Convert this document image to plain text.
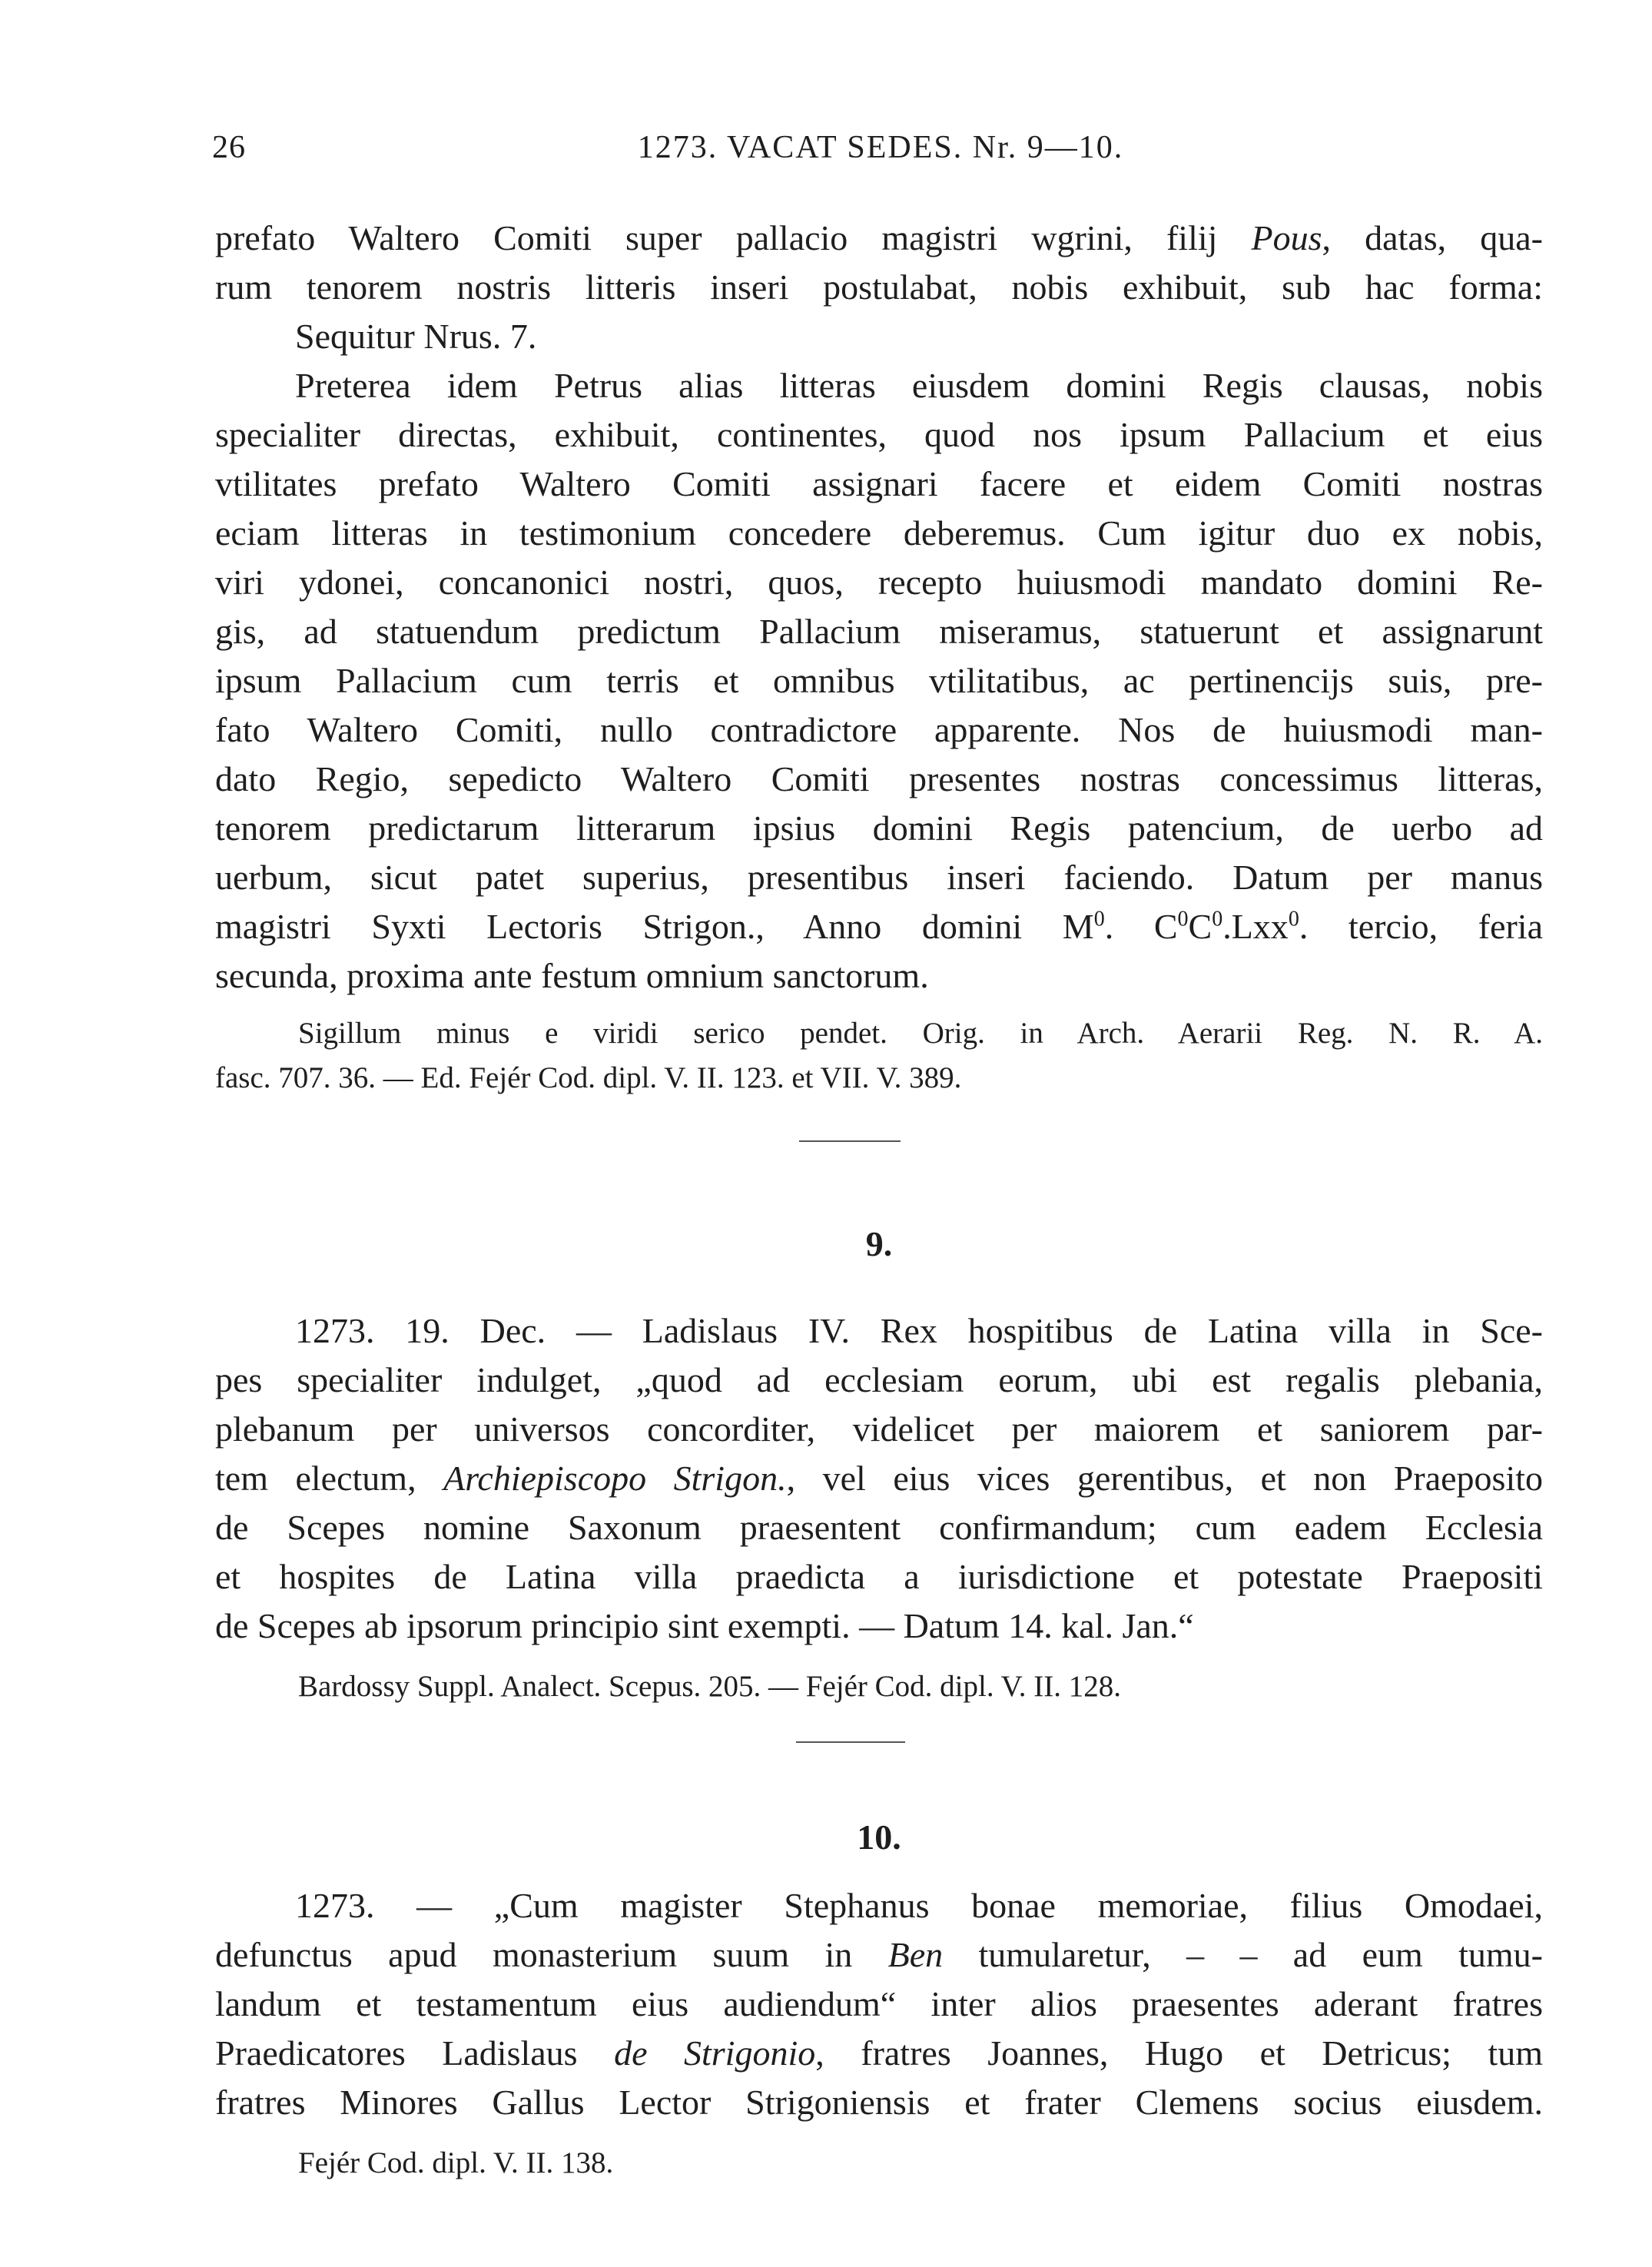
26	1273. VACAT SEDES. Nr. 9—10.
prefato Waltero Comiti super pallacio magistri wgrini, filij Pous, datas, qua-
rum tenorem nostris litteris inseri postulabat, nobis exhibuit, sub hac forma:
Sequitur Nrus. 7.
Preterea idem Petrus alias litteras eiusdem domini Regis clausas, nobis
specialiter directas, exhibuit, continentes, quod nos ipsum Pallacium et eius
vtilitates prefato Waltero Comiti assignari facere et eidem Comiti nostras
eciam litteras in testimonium concedere deberemus. Cum igitur duo ex nobis,
viri ydonei, concanonici nostri, quos, recepto huiusmodi mandato domini Re-
gis, ad statuendum predictum Pallacium miseramus, statuerunt et assignarunt
ipsum Pallacium cum terris et omnibus vtilitatibus, ac pertinencijs suis, pre-
fato Waltero Comiti, nullo contradictore apparente. Nos de huiusmodi man-
dato Regio, sepedicto Waltero Comiti presentes nostras concessimus litteras,
tenorem predictarum litterarum ipsius domini Regis patencium, de uerbo ad
uerbum, sicut patet superius, presentibus inseri faciendo. Datum per manus
magistri Syxti Lectoris Strigon., Anno domini $M^0$. $C^0C^0.Lxx^0$. tercio, feria
secunda, proxima ante festum omnium sanctorum.
Sigillum minus e viridi serico pendet. Orig. in Arch. Aerarii Reg. N. R. A.
fasc. 707. 36. — Ed. Fejér Cod. dipl. V. II. 123. et VII. V. 389.
9.
1273. 19. Dec. — Ladislaus IV. Rex hospitibus de Latina villa in Sce-
pes specialiter indulget, „quod ad ecclesiam eorum, ubi est regalis plebania,
plebanum per universos concorditer, videlicet per maiorem et saniorem par-
tem electum, Archiepiscopo Strigon., vel eius vices gerentibus, et non Praeposito
de Scepes nomine Saxonum praesentent confirmandum; cum eadem Ecclesia
et hospites de Latina villa praedicta a iurisdictione et potestate Praepositi
de Scepes ab ipsorum principio sint exempti. — Datum 14. kal. Jan.“
Bardossy Suppl. Analect. Scepus. 205. — Fejér Cod. dipl. V. II. 128.
10.
1273. — „Cum magister Stephanus bonae memoriae, filius Omodaei,
defunctus apud monasterium suum in Ben tumularetur, – – ad eum tumu-
landum et testamentum eius audiendum“ inter alios praesentes aderant fratres
Praedicatores Ladislaus de Strigonio, fratres Joannes, Hugo et Detricus; tum
fratres Minores Gallus Lector Strigoniensis et frater Clemens socius eiusdem.
Fejér Cod. dipl. V. II. 138.
